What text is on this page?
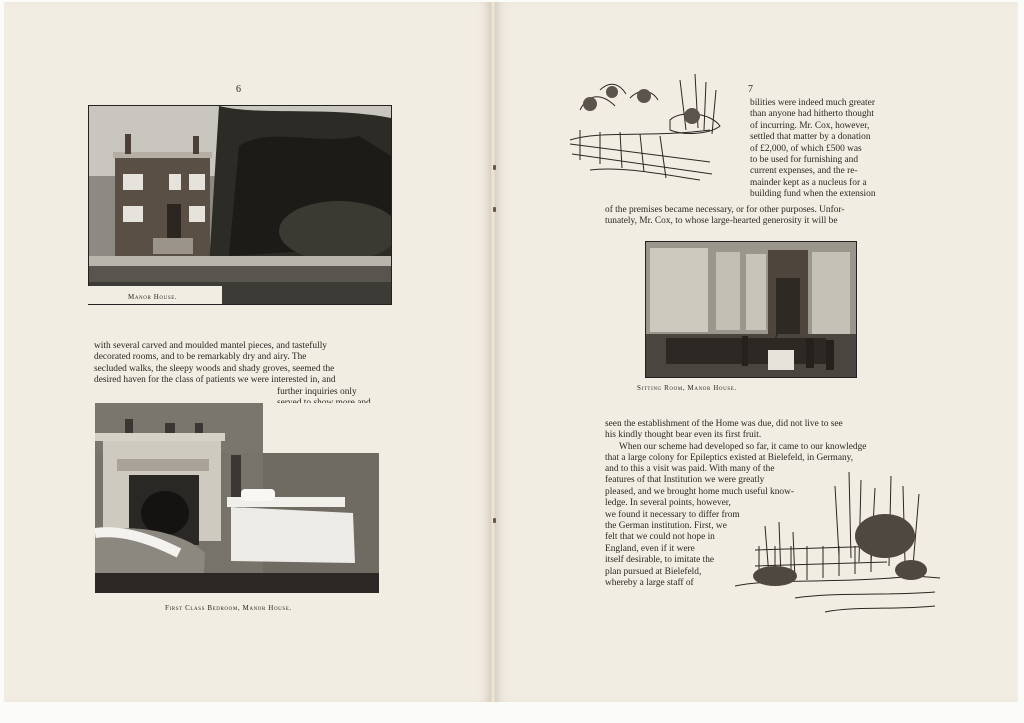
6
Manor House.

with several carved and moulded mantel pieces, and tastefully

decorated rooms, and to be remarkably dry and airy. The

secluded walks, the sleepy woods and shady groves, seemed the

desired haven for the class of patients we were interested in, and

further inquiries only

First Class Bedroom, Manor House.
7

bilities were indeed much greater

than anyone had hitherto thought

of incurring. Mr. Cox, however,

settled that matter by a donation

of £2,000, of which £500 was

to be used for furnishing and

current expenses, and the re-

mainder kept as a nucleus for a

building fund when the extension

of the premises became necessary, or for other purposes. Unfor-

tunately, Mr. Cox, to whose large-hearted generosity it will be

Sitting Room, Manor House.

seen the establishment of the Home was due, did not live to see

his kindly thought bear even its first fruit.

When our scheme had developed so far, it came to our knowledge

that a large colony for Epileptics existed at Bielefeld, in Germany,

and to this a visit was paid. With many of the

features of that Institution we were greatly

pleased, and we brought home much useful know-

ledge. In several points, however,

we found it necessary to differ from

the German institution. First, we

felt that we could not hope in

England, even if it were

itself desirable, to imitate the

plan pursued at Bielefeld,

whereby a large staff of
